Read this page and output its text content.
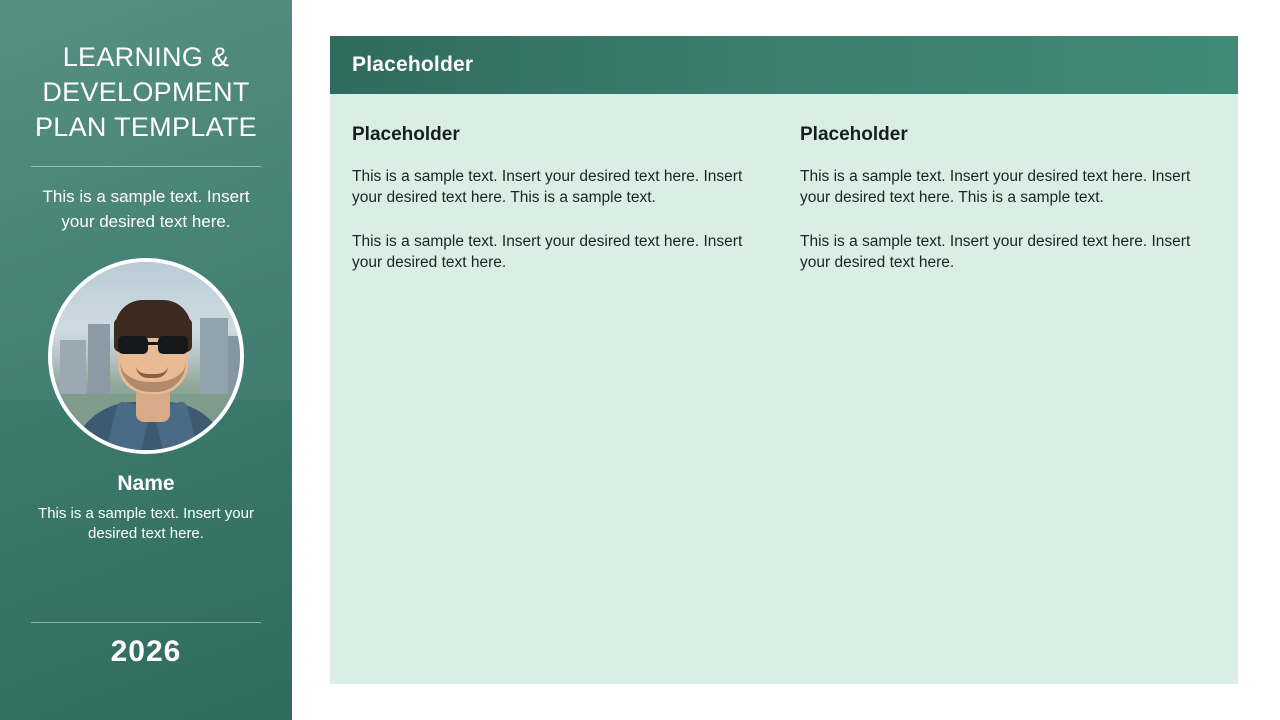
LEARNING & DEVELOPMENT PLAN TEMPLATE

This is a sample text. Insert your desired text here.

Name

This is a sample text. Insert your desired text here.

2026
Placeholder
Placeholder

This is a sample text. Insert your desired text here. Insert your desired text here. This is a sample text.

This is a sample text. Insert your desired text here. Insert your desired text here.

Placeholder

This is a sample text. Insert your desired text here. Insert your desired text here. This is a sample text.

This is a sample text. Insert your desired text here. Insert your desired text here.
